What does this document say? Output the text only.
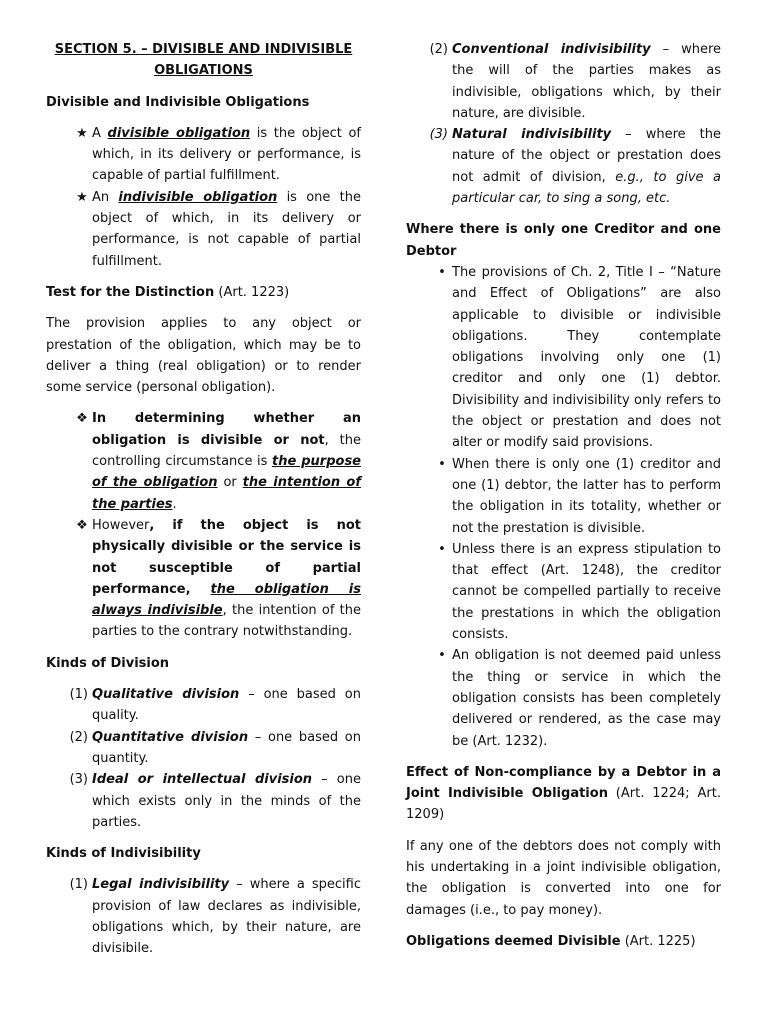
SECTION 5. – DIVISIBLE AND INDIVISIBLE OBLIGATIONS

Divisible and Indivisible Obligations

★ A divisible obligation is the object of which, in its delivery or performance, is capable of partial fulfillment.
★ An indivisible obligation is one the object of which, in its delivery or performance, is not capable of partial fulfillment.

Test for the Distinction (Art. 1223)

The provision applies to any object or prestation of the obligation, which may be to deliver a thing (real obligation) or to render some service (personal obligation).

❖ In determining whether an obligation is divisible or not, the controlling circumstance is the purpose of the obligation or the intention of the parties.
❖ However, if the object is not physically divisible or the service is not susceptible of partial performance, the obligation is always indivisible, the intention of the parties to the contrary notwithstanding.

Kinds of Division

(1) Qualitative division – one based on quality.
(2) Quantitative division – one based on quantity.
(3) Ideal or intellectual division – one which exists only in the minds of the parties.

Kinds of Indivisibility

(1) Legal indivisibility – where a specific provision of law declares as indivisible, obligations which, by their nature, are divisibile.
(2) Conventional indivisibility – where the will of the parties makes as indivisible, obligations which, by their nature, are divisible.
(3) Natural indivisibility – where the nature of the object or prestation does not admit of division, e.g., to give a particular car, to sing a song, etc.

Where there is only one Creditor and one Debtor

• The provisions of Ch. 2, Title I – “Nature and Effect of Obligations” are also applicable to divisible or indivisible obligations. They contemplate obligations involving only one (1) creditor and only one (1) debtor. Divisibility and indivisibility only refers to the object or prestation and does not alter or modify said provisions.
• When there is only one (1) creditor and one (1) debtor, the latter has to perform the obligation in its totality, whether or not the prestation is divisible.
• Unless there is an express stipulation to that effect (Art. 1248), the creditor cannot be compelled partially to receive the prestations in which the obligation consists.
• An obligation is not deemed paid unless the thing or service in which the obligation consists has been completely delivered or rendered, as the case may be (Art. 1232).

Effect of Non-compliance by a Debtor in a Joint Indivisible Obligation (Art. 1224; Art. 1209)

If any one of the debtors does not comply with his undertaking in a joint indivisible obligation, the obligation is converted into one for damages (i.e., to pay money).

Obligations deemed Divisible (Art. 1225)
